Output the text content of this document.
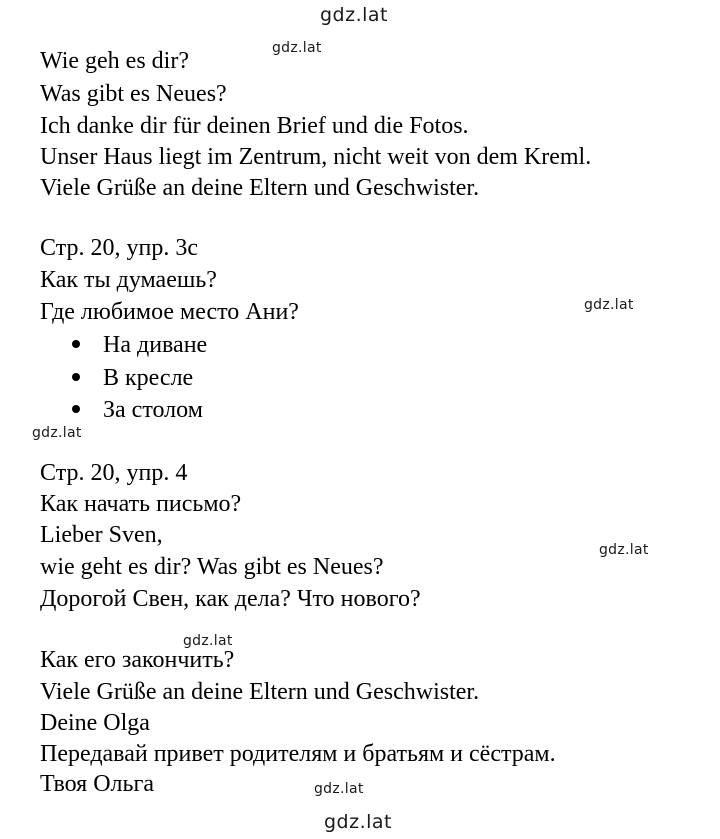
gdz.lat
gdz.lat
gdz.lat
gdz.lat
gdz.lat
gdz.lat
gdz.lat
gdz.lat
Wie geh es dir?
Was gibt es Neues?
Ich danke dir für deinen Brief und die Fotos.
Unser Haus liegt im Zentrum, nicht weit von dem Kreml.
Viele Grüße an deine Eltern und Geschwister.
Стр. 20, упр. 3c
Как ты думаешь?
Где любимое место Ани?
На диване
В кресле
За столом
Стр. 20, упр. 4
Как начать письмо?
Lieber Sven,
wie geht es dir? Was gibt es Neues?
Дорогой Свен, как дела? Что нового?
Как его закончить?
Viele Grüße an deine Eltern und Geschwister.
Deine Olga
Передавай привет родителям и братьям и сёстрам.
Твоя Ольга
